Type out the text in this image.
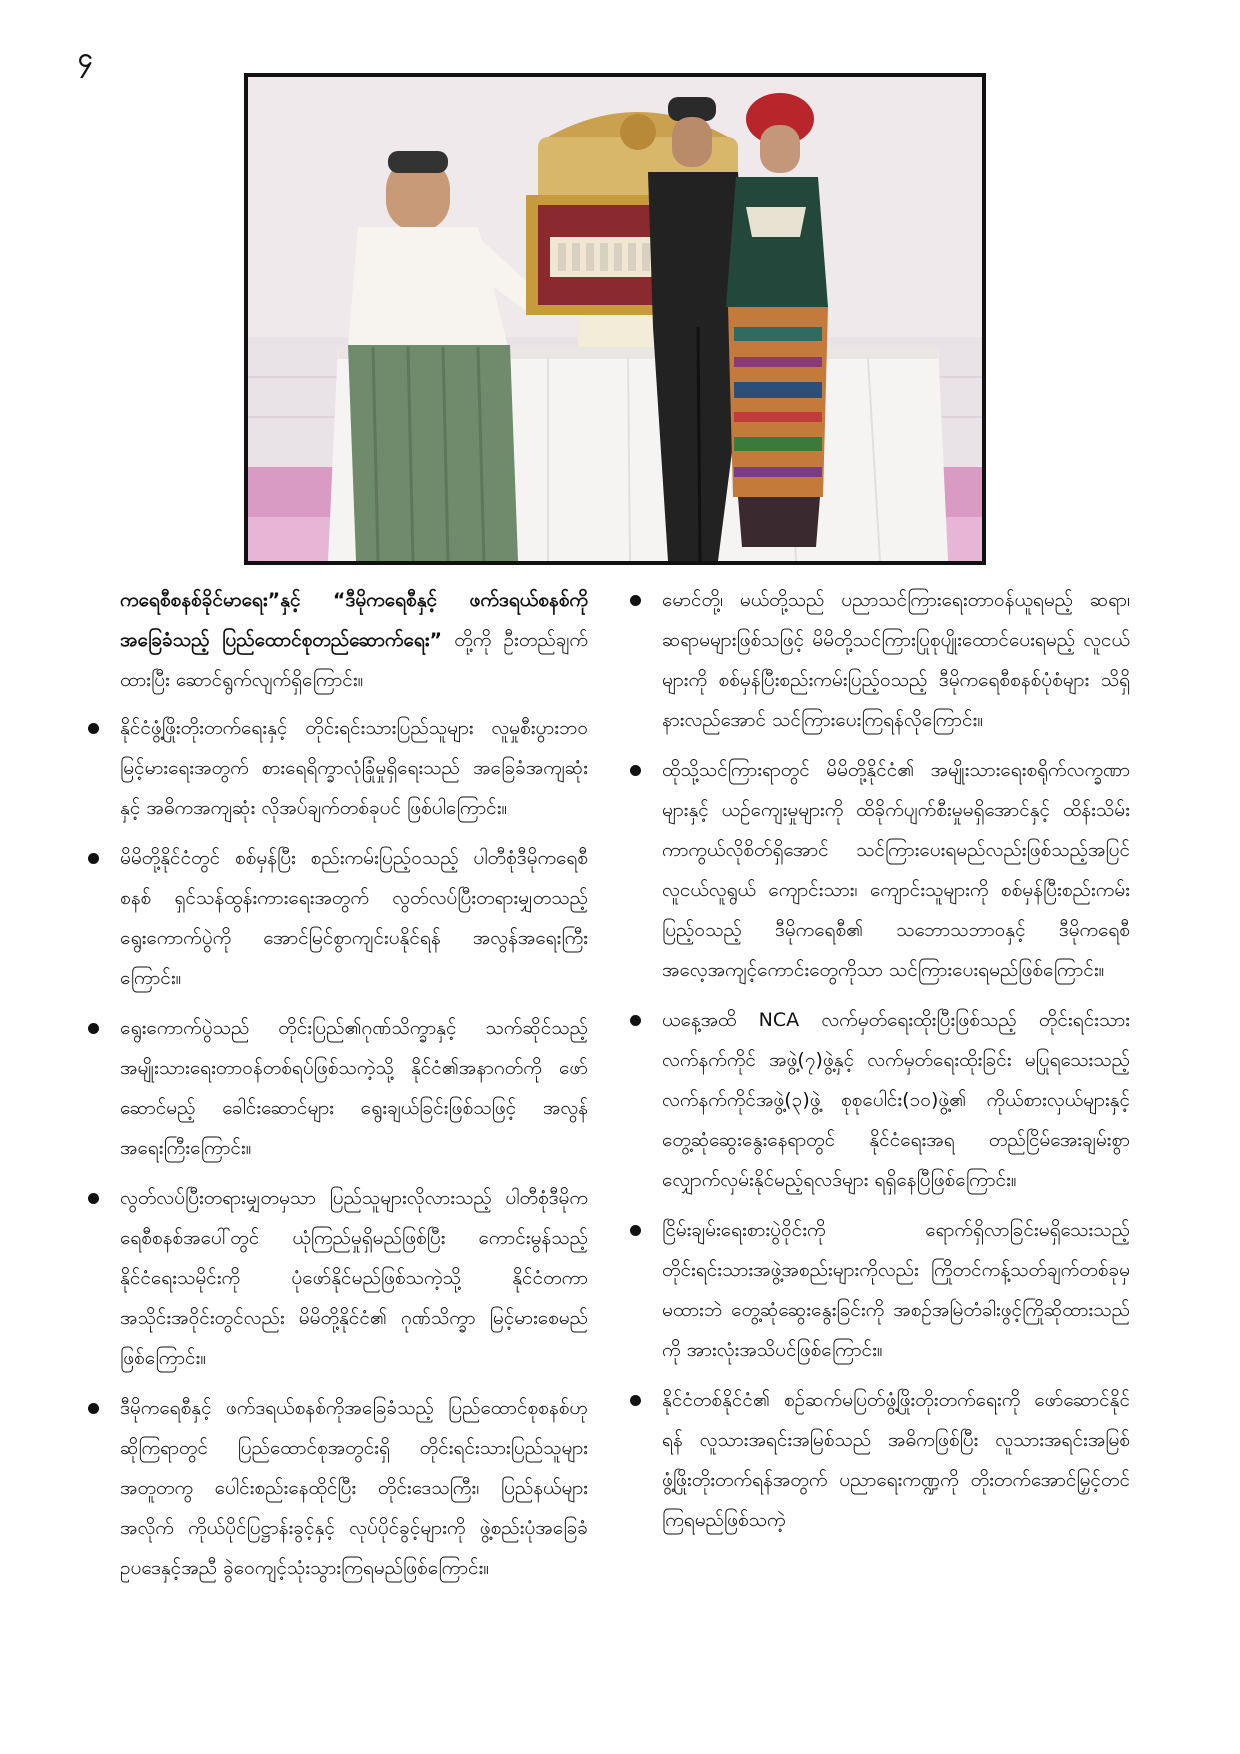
၄

ကရေစီစနစ်ခိုင်မာရေး”နှင့် “ဒီမိုကရေစီနှင့် ဖက်ဒရယ်စနစ်ကို အခြေခံသည့် ပြည်ထောင်စုတည်ဆောက်ရေး” တို့ကို ဦးတည်ချက်ထားပြီး ဆောင်ရွက်လျက်ရှိကြောင်း။

နိုင်ငံဖွံ့ဖြိုးတိုးတက်ရေးနှင့် တိုင်းရင်းသားပြည်သူများ လူမှုစီးပွားဘဝမြင့်မားရေးအတွက် စားရေရိက္ခာလုံခြုံမှုရှိရေးသည် အခြေခံအကျဆုံးနှင့် အဓိကအကျဆုံး လိုအပ်ချက်တစ်ခုပင် ဖြစ်ပါကြောင်း။
မိမိတို့နိုင်ငံတွင် စစ်မှန်ပြီး စည်းကမ်းပြည့်ဝသည့် ပါတီစုံဒီမိုကရေစီစနစ် ရှင်သန်ထွန်းကားရေးအတွက် လွတ်လပ်ပြီးတရားမျှတသည့် ရွေးကောက်ပွဲကို အောင်မြင်စွာကျင်းပနိုင်ရန် အလွန်အရေးကြီးကြောင်း။
ရွေးကောက်ပွဲသည် တိုင်းပြည်၏ဂုဏ်သိက္ခာနှင့် သက်ဆိုင်သည့်အမျိုးသားရေးတာဝန်တစ်ရပ်ဖြစ်သကဲ့သို့ နိုင်ငံ၏အနာဂတ်ကို ဖော်ဆောင်မည့် ခေါင်းဆောင်များ ရွေးချယ်ခြင်းဖြစ်သဖြင့် အလွန်အရေးကြီးကြောင်း။
လွတ်လပ်ပြီးတရားမျှတမှသာ ပြည်သူများလိုလားသည့် ပါတီစုံဒီမိုကရေစီစနစ်အပေါ်တွင် ယုံကြည်မှုရှိမည်ဖြစ်ပြီး ကောင်းမွန်သည့် နိုင်ငံရေးသမိုင်းကို ပုံဖော်နိုင်မည်ဖြစ်သကဲ့သို့ နိုင်ငံတကာအသိုင်းအဝိုင်းတွင်လည်း မိမိတို့နိုင်ငံ၏ ဂုဏ်သိက္ခာ မြင့်မားစေမည်ဖြစ်ကြောင်း။
ဒီမိုကရေစီနှင့် ဖက်ဒရယ်စနစ်ကိုအခြေခံသည့် ပြည်ထောင်စုစနစ်ဟုဆိုကြရာတွင် ပြည်ထောင်စုအတွင်းရှိ တိုင်းရင်းသားပြည်သူများ အတူတကွ ပေါင်းစည်းနေထိုင်ပြီး တိုင်းဒေသကြီး၊ ပြည်နယ်များအလိုက် ကိုယ်ပိုင်ပြဋ္ဌာန်းခွင့်နှင့် လုပ်ပိုင်ခွင့်များကို ဖွဲ့စည်းပုံအခြေခံဥပဒေနှင့်အညီ ခွဲဝေကျင့်သုံးသွားကြရမည်ဖြစ်ကြောင်း။
မောင်တို့၊ မယ်တို့သည် ပညာသင်ကြားရေးတာဝန်ယူရမည့် ဆရာ၊ ဆရာမများဖြစ်သဖြင့် မိမိတို့သင်ကြားပြုစုပျိုးထောင်ပေးရမည့် လူငယ်များကို စစ်မှန်ပြီးစည်းကမ်းပြည့်ဝသည့် ဒီမိုကရေစီစနစ်ပုံစံများ သိရှိနားလည်အောင် သင်ကြားပေးကြရန်လိုကြောင်း။
ထိုသို့သင်ကြားရာတွင် မိမိတို့နိုင်ငံ၏ အမျိုးသားရေးစရိုက်လက္ခဏာများနှင့် ယဉ်ကျေးမှုများကို ထိခိုက်ပျက်စီးမှုမရှိအောင်နှင့် ထိန်းသိမ်းကာကွယ်လိုစိတ်ရှိအောင် သင်ကြားပေးရမည်လည်းဖြစ်သည့်အပြင် လူငယ်လူရွယ် ကျောင်းသား၊ ကျောင်းသူများကို စစ်မှန်ပြီးစည်းကမ်းပြည့်ဝသည့် ဒီမိုကရေစီ၏ သဘောသဘာဝနှင့် ဒီမိုကရေစီအလေ့အကျင့်ကောင်းတွေကိုသာ သင်ကြားပေးရမည်ဖြစ်ကြောင်း။
ယနေ့အထိ NCA လက်မှတ်ရေးထိုးပြီးဖြစ်သည့် တိုင်းရင်းသားလက်နက်ကိုင် အဖွဲ့(၇)ဖွဲ့နှင့် လက်မှတ်ရေးထိုးခြင်း မပြုရသေးသည့် လက်နက်ကိုင်အဖွဲ့(၃)ဖွဲ့ စုစုပေါင်း(၁၀)ဖွဲ့၏ ကိုယ်စားလှယ်များနှင့်တွေ့ဆုံဆွေးနွေးနေရာတွင် နိုင်ငံရေးအရ တည်ငြိမ်အေးချမ်းစွာ လျှောက်လှမ်းနိုင်မည့်ရလဒ်များ ရရှိနေပြီဖြစ်ကြောင်း။
ငြိမ်းချမ်းရေးစားပွဲဝိုင်းကို ရောက်ရှိလာခြင်းမရှိသေးသည့် တိုင်းရင်းသားအဖွဲ့အစည်းများကိုလည်း ကြိုတင်ကန့်သတ်ချက်တစ်ခုမှမထားဘဲ တွေ့ဆုံဆွေးနွေးခြင်းကို အစဉ်အမြဲတံခါးဖွင့်ကြိုဆိုထားသည်ကို အားလုံးအသိပင်ဖြစ်ကြောင်း။
နိုင်ငံတစ်နိုင်ငံ၏ စဉ်ဆက်မပြတ်ဖွံ့ဖြိုးတိုးတက်ရေးကို ဖော်ဆောင်နိုင်ရန် လူသားအရင်းအမြစ်သည် အဓိကဖြစ်ပြီး လူသားအရင်းအမြစ် ဖွံ့ဖြိုးတိုးတက်ရန်အတွက် ပညာရေးကဏ္ဍကို တိုးတက်အောင်မြှင့်တင်ကြရမည်ဖြစ်သကဲ့
